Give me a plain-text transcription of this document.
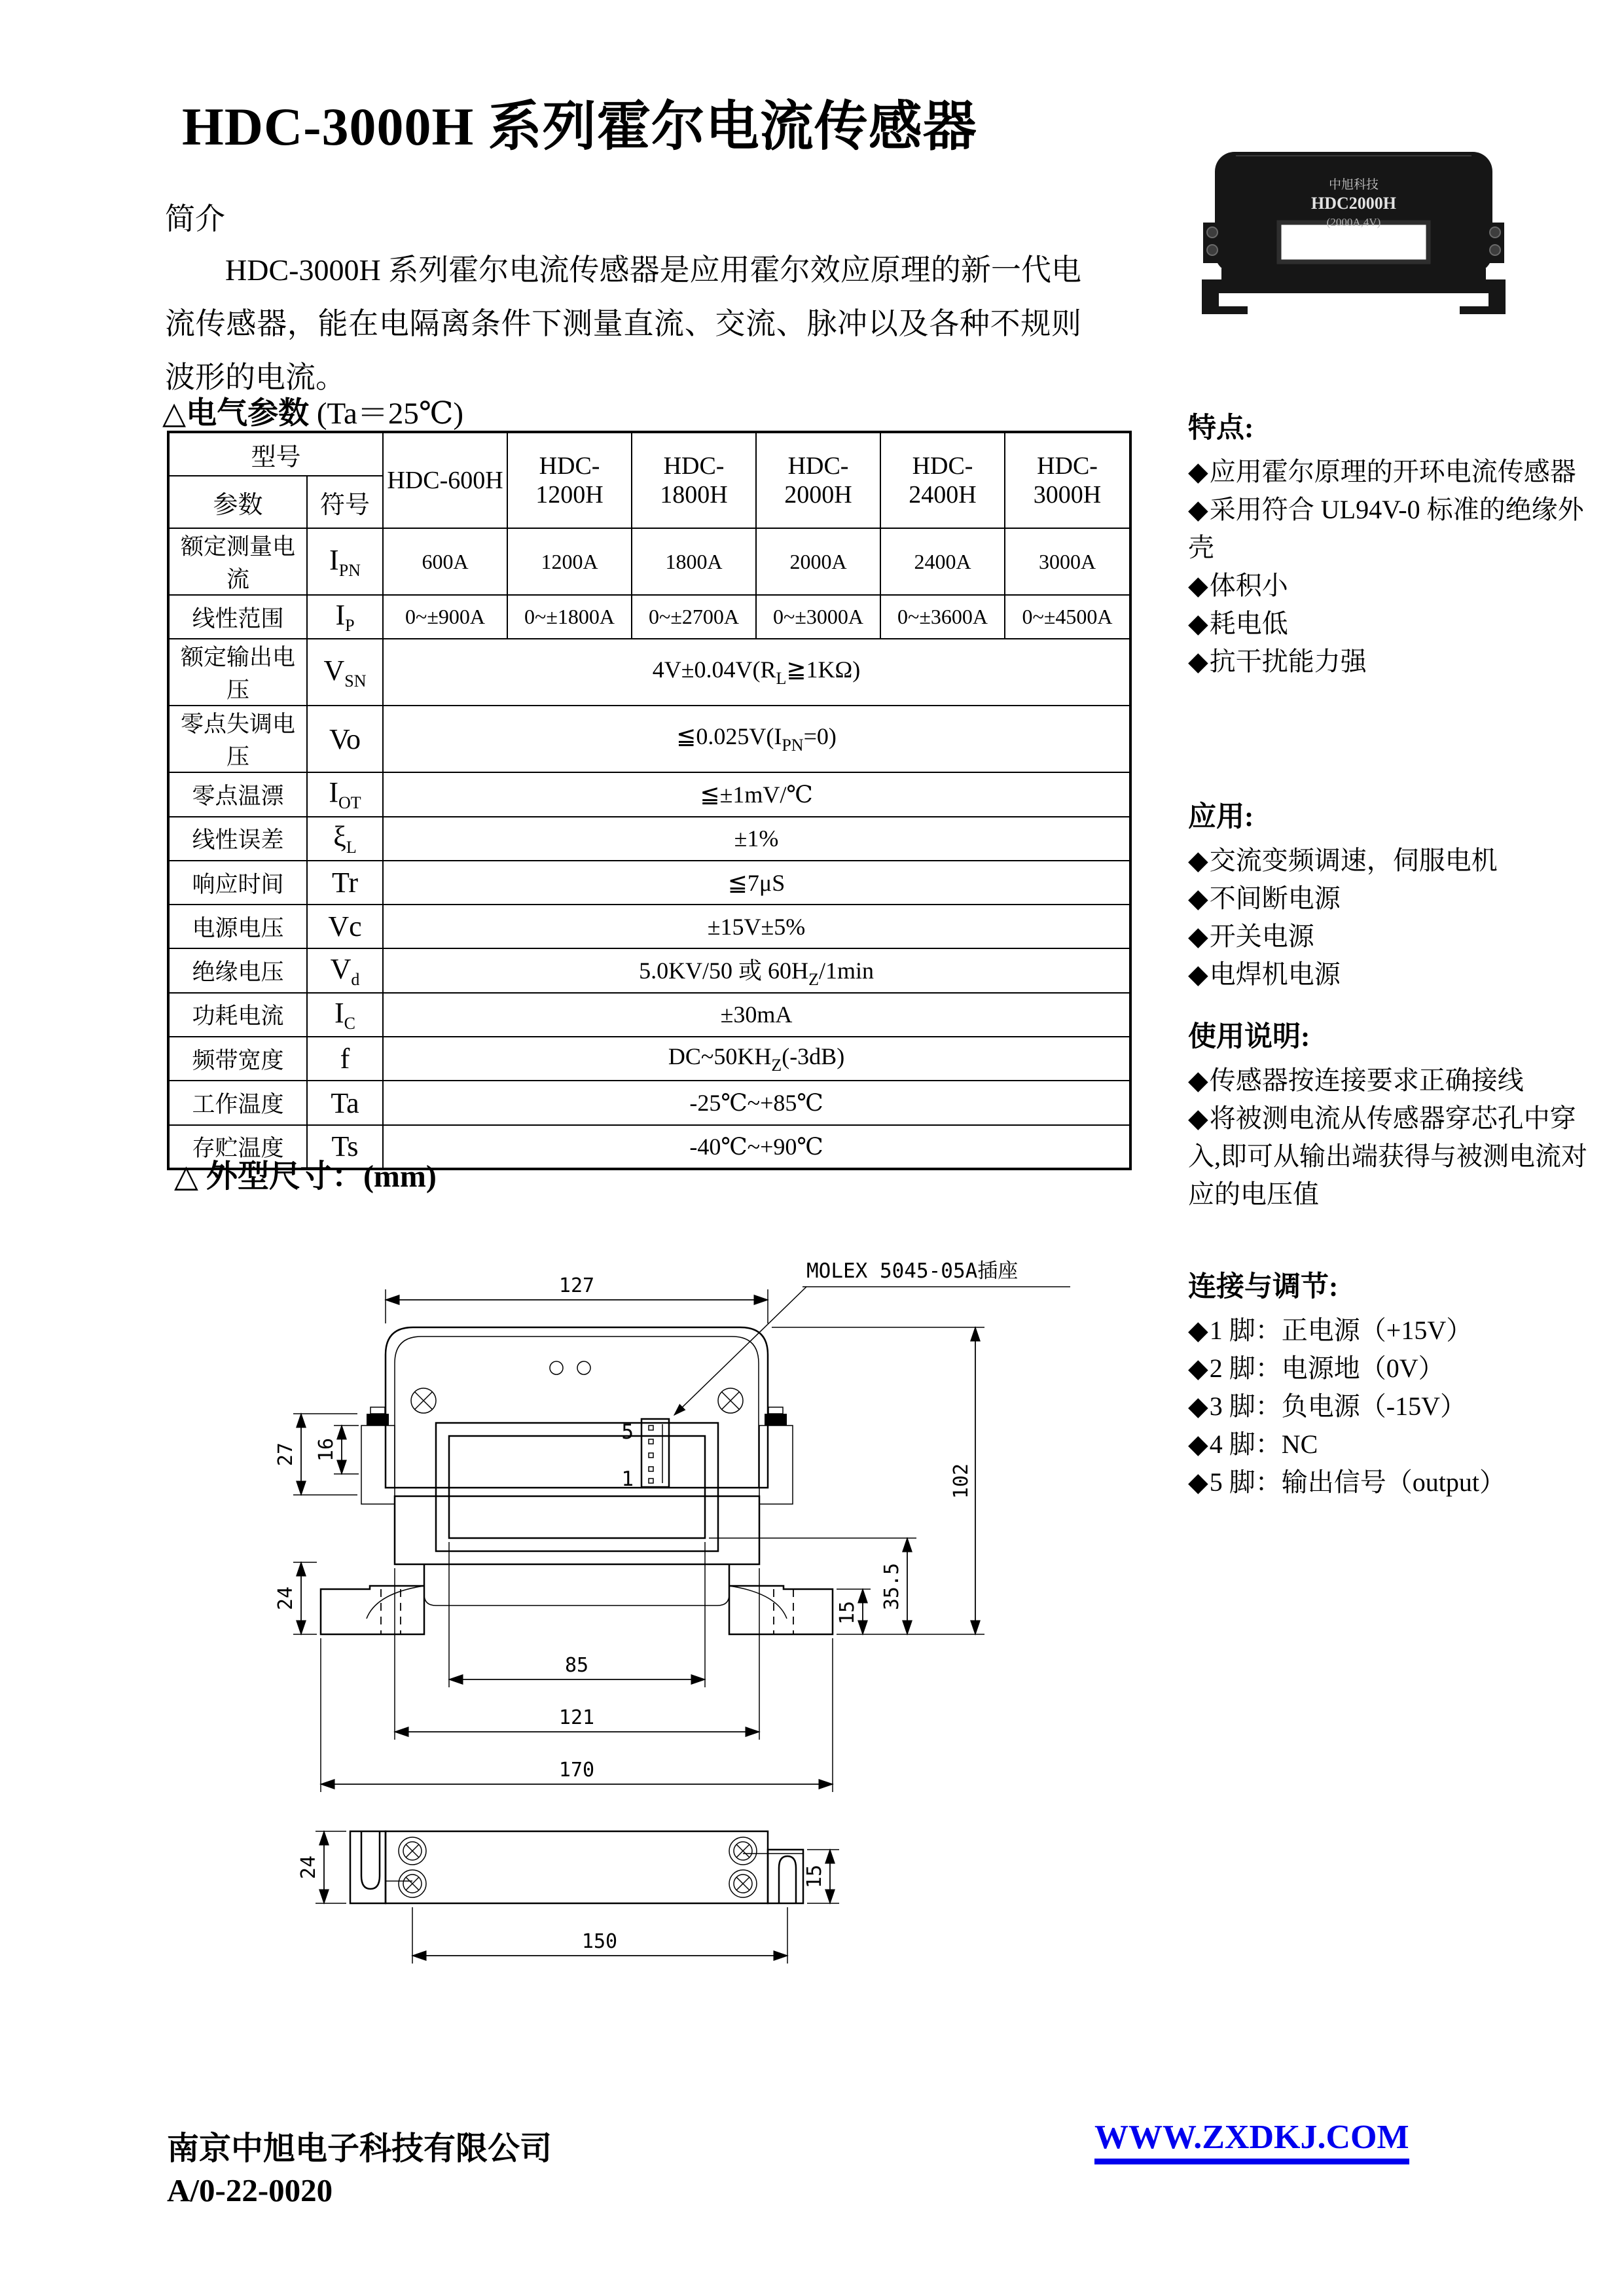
HDC-3000H 系列霍尔电流传感器
简介
HDC-3000H 系列霍尔电流传感器是应用霍尔效应原理的新一代电流传感器，能在电隔离条件下测量直流、交流、脉冲以及各种不规则波形的电流。
中旭科技
HDC2000H
(2000A,4V)
△电气参数 (Ta＝25℃)
型号		HDC-600H	HDC-1200H	HDC-1800H	HDC-2000H	HDC-2400H	HDC-3000H
参数	符号						
额定测量电流	$I_{PN}$	600A	1200A	1800A	2000A	2400A	3000A
线性范围	$I_P$	0~±900A	0~±1800A	0~±2700A	0~±3000A	0~±3600A	0~±4500A
额定输出电压	$V_{SN}$	$4V\pm 0.04V(R_L≧1K\Omega)$					
零点失调电压	Vo	$≦0.025V(I_{PN}=0)$					
零点温漂	$I_{OT}$	≦±1mV/℃					
线性误差	$\xi_L$	±1%					
响应时间	Tr	≦7μS					
电源电压	Vc	±15V±5%					
绝缘电压	$V_d$	5.0KV/50 或 $60H_Z/1\min$					
功耗电流	$I_C$	±30mA					
频带宽度	f	$DC\sim 50KH_Z(-3dB)$					
工作温度	Ta	-25℃~+85℃					
存贮温度	Ts	-40℃~+90℃					
特点:
◆应用霍尔原理的开环电流传感器
◆采用符合 UL94V-0 标准的绝缘外壳
◆体积小
◆耗电低
◆抗干扰能力强
应用:
◆交流变频调速，伺服电机
◆不间断电源
◆开关电源
◆电焊机电源
使用说明:
◆传感器按连接要求正确接线
◆将被测电流从传感器穿芯孔中穿入,即可从输出端获得与被测电流对应的电压值
连接与调节:
◆1 脚：正电源（+15V）
◆2 脚：电源地（0V）
◆3 脚：负电源（-15V）
◆4 脚：NC
◆5 脚：输出信号（output）
△ 外型尺寸：(mm)
5
1
MOLEX 5045-05A插座
127
102
35.5
15
27 16
24
85
121
170
24	15
150
南京中旭电子科技有限公司
A/0-22-0020
WWW.ZXDKJ.COM
